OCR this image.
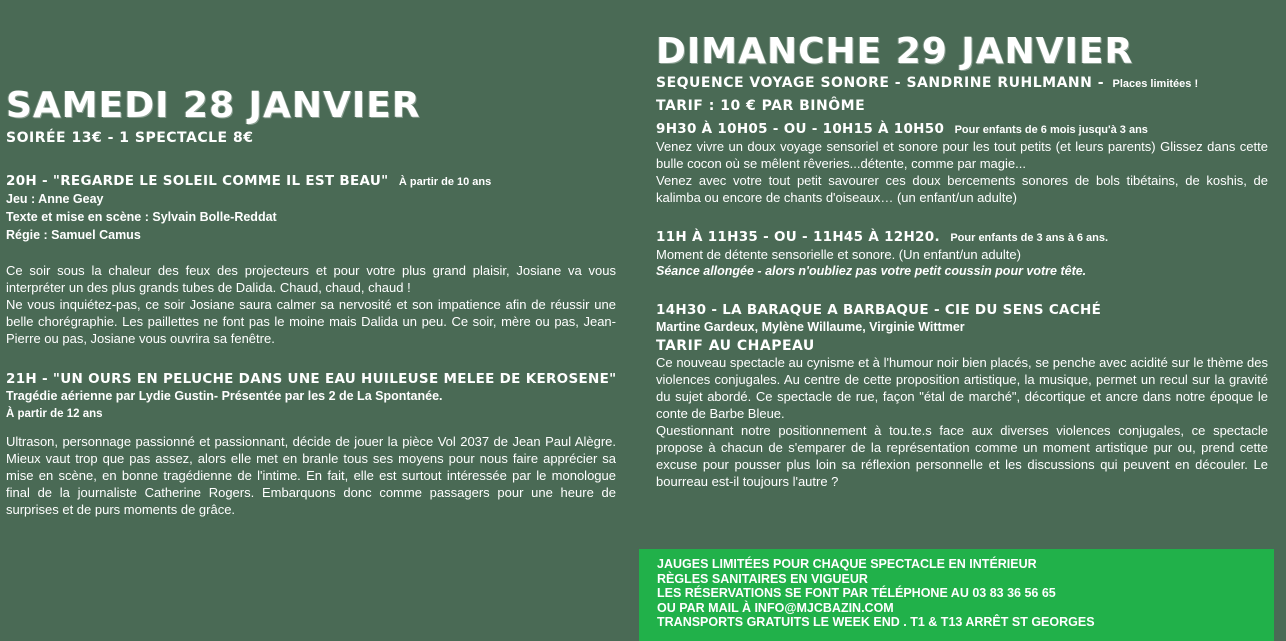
SAMEDI 28 JANVIER
SOIRÉE 13€ - 1 SPECTACLE 8€
20H - "REGARDE LE SOLEIL COMME IL EST BEAU" À partir de 10 ans
Jeu : Anne Geay
Texte et mise en scène : Sylvain Bolle-Reddat
Régie : Samuel Camus

Ce soir sous la chaleur des feux des projecteurs et pour votre plus grand plaisir, Josiane va vous interpréter un des plus grands tubes de Dalida. Chaud, chaud, chaud !

Ne vous inquiétez-pas, ce soir Josiane saura calmer sa nervosité et son impatience afin de réussir une belle chorégraphie. Les paillettes ne font pas le moine mais Dalida un peu. Ce soir, mère ou pas, Jean-Pierre ou pas, Josiane vous ouvrira sa fenêtre.

21H - "UN OURS EN PELUCHE DANS UNE EAU HUILEUSE MELEE DE KEROSENE"
Tragédie aérienne par Lydie Gustin- Présentée par les 2 de La Spontanée.
À partir de 12 ans

Ultrason, personnage passionné et passionnant, décide de jouer la pièce Vol 2037 de Jean Paul Alègre. Mieux vaut trop que pas assez, alors elle met en branle tous ses moyens pour nous faire apprécier sa mise en scène, en bonne tragédienne de l'intime. En fait, elle est surtout intéressée par le monologue final de la journaliste Catherine Rogers. Embarquons donc comme passagers pour une heure de surprises et de purs moments de grâce.

DIMANCHE 29 JANVIER
SEQUENCE VOYAGE SONORE - SANDRINE RUHLMANN - Places limitées !
TARIF : 10 € PAR BINÔME
9H30 À 10H05 - OU - 10H15 À 10H50 Pour enfants de 6 mois jusqu'à 3 ans

Venez vivre un doux voyage sensoriel et sonore pour les tout petits (et leurs parents) Glissez dans cette bulle cocon où se mêlent rêveries...détente, comme par magie...

Venez avec votre tout petit savourer ces doux bercements sonores de bols tibétains, de koshis, de kalimba ou encore de chants d'oiseaux… (un enfant/un adulte)

11H À 11H35 - OU - 11H45 À 12H20. Pour enfants de 3 ans à 6 ans.

Moment de détente sensorielle et sonore. (Un enfant/un adulte)

Séance allongée - alors n'oubliez pas votre petit coussin pour votre tête.

14H30 - LA BARAQUE A BARBAQUE - CIE DU SENS CACHÉ
Martine Gardeux, Mylène Willaume, Virginie Wittmer
TARIF AU CHAPEAU

Ce nouveau spectacle au cynisme et à l'humour noir bien placés, se penche avec acidité sur le thème des violences conjugales. Au centre de cette proposition artistique, la musique, permet un recul sur la gravité du sujet abordé. Ce spectacle de rue, façon "étal de marché", décortique et ancre dans notre époque le conte de Barbe Bleue.

Questionnant notre positionnement à tou.te.s face aux diverses violences conjugales, ce spectacle propose à chacun de s'emparer de la représentation comme un moment artistique pur ou, prend cette excuse pour pousser plus loin sa réflexion personnelle et les discussions qui peuvent en découler. Le bourreau est-il toujours l'autre ?

JAUGES LIMITÉES POUR CHAQUE SPECTACLE EN INTÉRIEUR
RÈGLES SANITAIRES EN VIGUEUR
LES RÉSERVATIONS SE FONT PAR TÉLÉPHONE AU 03 83 36 56 65
OU PAR MAIL À INFO@MJCBAZIN.COM
TRANSPORTS GRATUITS LE WEEK END . T1 & T13 ARRÊT ST GEORGES
